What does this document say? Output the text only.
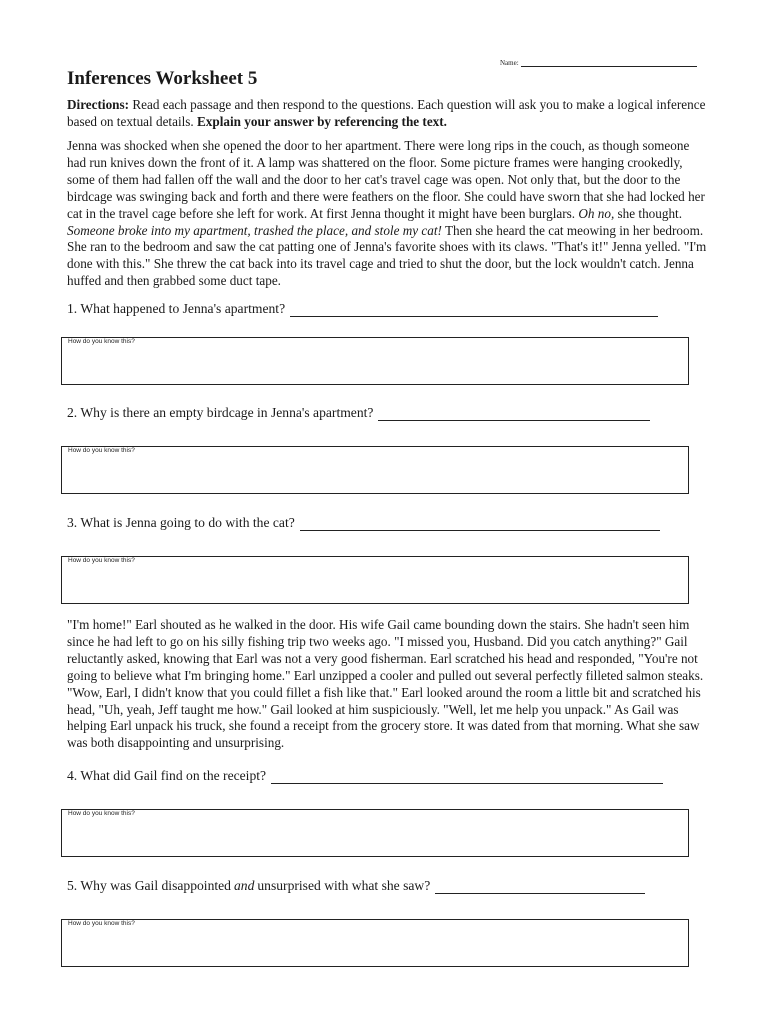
Name:
Inferences Worksheet 5

Directions: Read each passage and then respond to the questions. Each question will ask you to make a logical inference based on textual details. Explain your answer by referencing the text.

Jenna was shocked when she opened the door to her apartment. There were long rips in the couch, as though someone had run knives down the front of it. A lamp was shattered on the floor. Some picture frames were hanging crookedly, some of them had fallen off the wall and the door to her cat's travel cage was open. Not only that, but the door to the birdcage was swinging back and forth and there were feathers on the floor. She could have sworn that she had locked her cat in the travel cage before she left for work. At first Jenna thought it might have been burglars. Oh no, she thought. Someone broke into my apartment, trashed the place, and stole my cat! Then she heard the cat meowing in her bedroom. She ran to the bedroom and saw the cat patting one of Jenna's favorite shoes with its claws. "That's it!" Jenna yelled. "I'm done with this." She threw the cat back into its travel cage and tried to shut the door, but the lock wouldn't catch. Jenna huffed and then grabbed some duct tape.

1. What happened to Jenna's apartment?
How do you know this?
2. Why is there an empty birdcage in Jenna's apartment?
How do you know this?
3. What is Jenna going to do with the cat?
How do you know this?

"I'm home!" Earl shouted as he walked in the door. His wife Gail came bounding down the stairs. She hadn't seen him since he had left to go on his silly fishing trip two weeks ago. "I missed you, Husband. Did you catch anything?" Gail reluctantly asked, knowing that Earl was not a very good fisherman. Earl scratched his head and responded, "You're not going to believe what I'm bringing home." Earl unzipped a cooler and pulled out several perfectly filleted salmon steaks. "Wow, Earl, I didn't know that you could fillet a fish like that." Earl looked around the room a little bit and scratched his head, "Uh, yeah, Jeff taught me how." Gail looked at him suspiciously. "Well, let me help you unpack." As Gail was helping Earl unpack his truck, she found a receipt from the grocery store. It was dated from that morning. What she saw was both disappointing and unsurprising.

4. What did Gail find on the receipt?
How do you know this?
5. Why was Gail disappointed and unsurprised with what she saw?
How do you know this?
